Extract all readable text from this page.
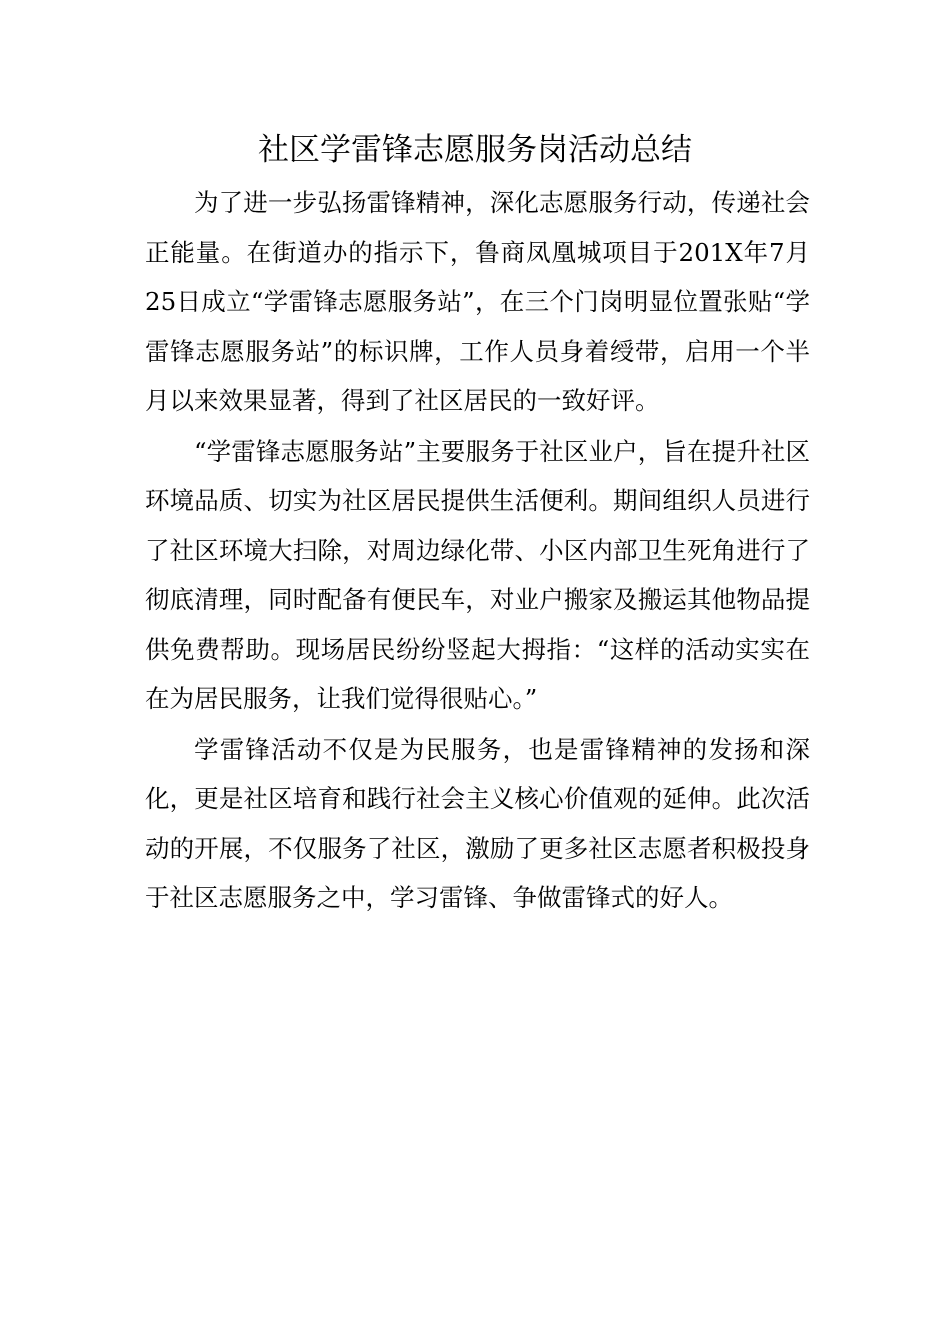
社区学雷锋志愿服务岗活动总结

为了进一步弘扬雷锋精神，深化志愿服务行动，传递社会正能量。在街道办的指示下，鲁商凤凰城项目于201X年7月25日成立“学雷锋志愿服务站”，在三个门岗明显位置张贴“学雷锋志愿服务站”的标识牌，工作人员身着绶带，启用一个半月以来效果显著，得到了社区居民的一致好评。

“学雷锋志愿服务站”主要服务于社区业户，旨在提升社区环境品质、切实为社区居民提供生活便利。期间组织人员进行了社区环境大扫除，对周边绿化带、小区内部卫生死角进行了彻底清理，同时配备有便民车，对业户搬家及搬运其他物品提供免费帮助。现场居民纷纷竖起大拇指：“这样的活动实实在在为居民服务，让我们觉得很贴心。”

学雷锋活动不仅是为民服务，也是雷锋精神的发扬和深化，更是社区培育和践行社会主义核心价值观的延伸。此次活动的开展，不仅服务了社区，激励了更多社区志愿者积极投身于社区志愿服务之中，学习雷锋、争做雷锋式的好人。
